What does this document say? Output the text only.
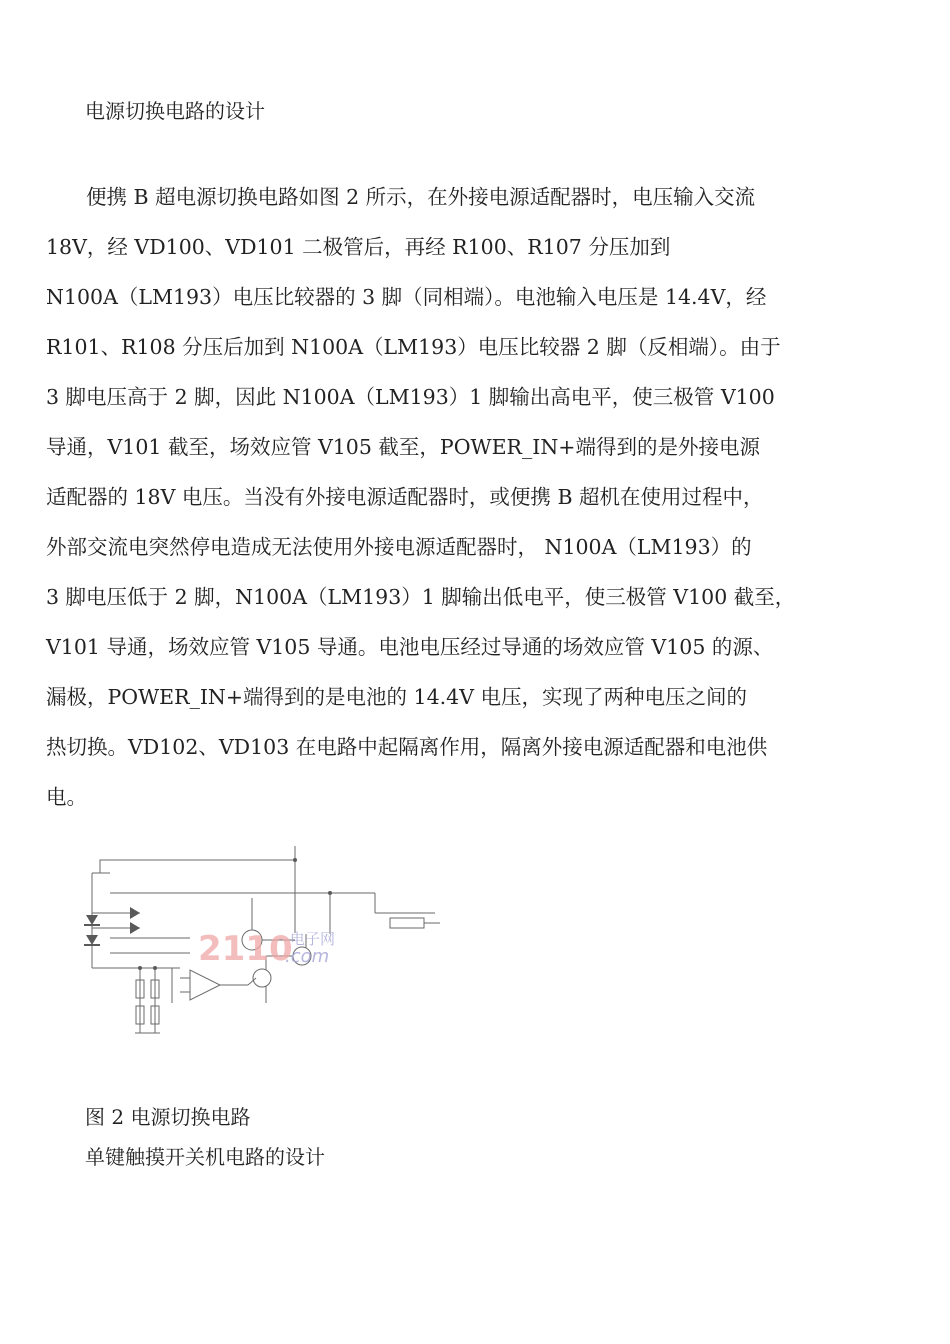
电源切换电路的设计
便携 B 超电源切换电路如图 2 所示，在外接电源适配器时，电压输入交流
18V，经 VD100、VD101 二极管后，再经 R100、R107 分压加到
N100A（LM193）电压比较器的 3 脚（同相端）。电池输入电压是 14.4V，经
R101、R108 分压后加到 N100A（LM193）电压比较器 2 脚（反相端）。由于
3 脚电压高于 2 脚，因此 N100A（LM193）1 脚输出高电平，使三极管 V100
导通，V101 截至，场效应管 V105 截至，POWER_IN+端得到的是外接电源
适配器的 18V 电压。当没有外接电源适配器时，或便携 B 超机在使用过程中，
外部交流电突然停电造成无法使用外接电源适配器时， N100A（LM193）的
3 脚电压低于 2 脚，N100A（LM193）1 脚输出低电平，使三极管 V100 截至，
V101 导通，场效应管 V105 导通。电池电压经过导通的场效应管 V105 的源、
漏极，POWER_IN+端得到的是电池的 14.4V 电压，实现了两种电压之间的
热切换。VD102、VD103 在电路中起隔离作用，隔离外接电源适配器和电池供
电。
2110
电子网
.com
图 2 电源切换电路
单键触摸开关机电路的设计
